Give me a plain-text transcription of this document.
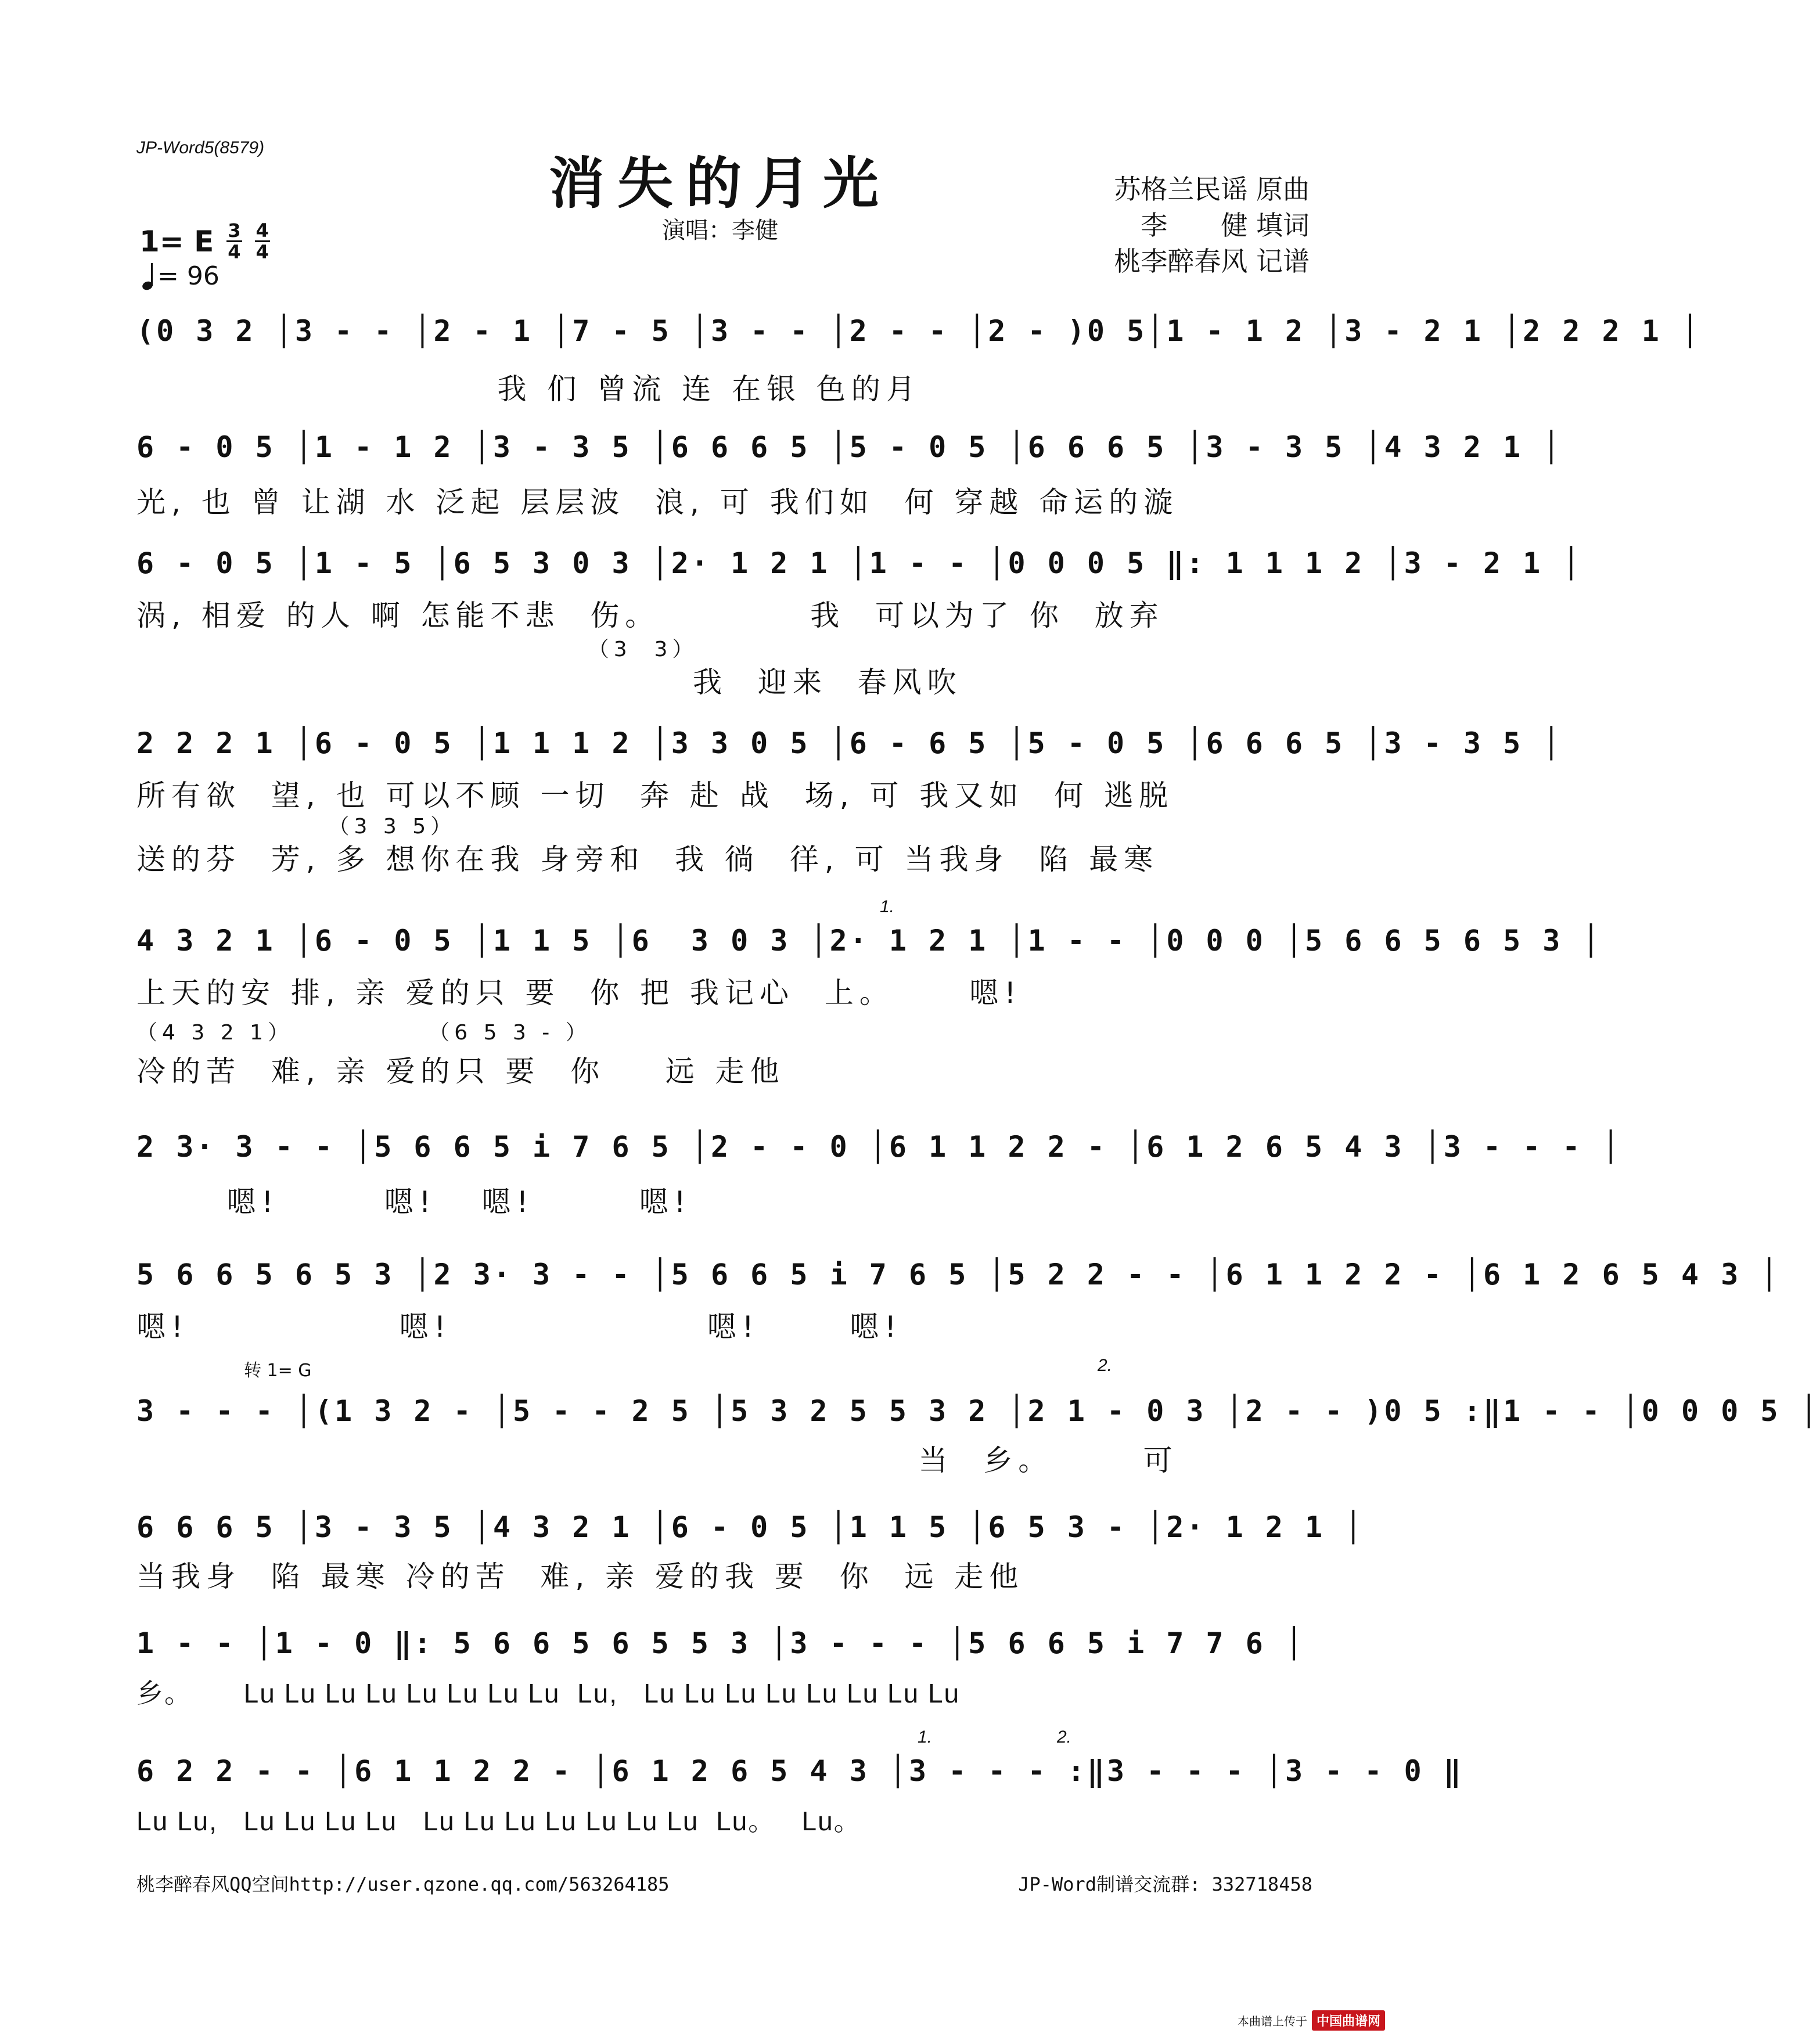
JP-Word5(8579)
消失的月光
演唱：李健
苏格兰民谣 原曲
李　　健 填词
桃李醉春风 记谱
1= E $\frac{3}{4} \frac{4}{4}$
= 96
(0 3 2 │3 - - │2 - 1 │7 - 5 │3 - - │2 - - │2 - )0 5│1 - 1 2 │3 - 2 1 │2 2 2 1 │
我 们 曾流 连 在银 色的月
6 - 0 5 │1 - 1 2 │3 - 3 5 │6 6 6 5 │5 - 0 5 │6 6 6 5 │3 - 3 5 │4 3 2 1 │
光, 也 曾 让湖 水 泛起 层层波  浪, 可 我们如  何 穿越 命运的漩
6 - 0 5 │1 - 5 │6 5 3 0 3 │2· 1 2 1 │1 - - │0 0 0 5 ‖: 1 1 1 2 │3 - 2 1 │
涡, 相爱 的人 啊 怎能不悲  伤。          我  可以为了 你  放弃
（3  3）
我  迎来  春风吹
2 2 2 1 │6 - 0 5 │1 1 1 2 │3 3 0 5 │6 - 6 5 │5 - 0 5 │6 6 6 5 │3 - 3 5 │
所有欲  望, 也 可以不顾 一切  奔 赴 战  场, 可 我又如  何 逃脱
（3 3 5）
送的芬  芳, 多 想你在我 身旁和  我 徜  徉, 可 当我身  陷 最寒
1.
4 3 2 1 │6 - 0 5 │1 1 5 │6  3 0 3 │2· 1 2 1 │1 - - │0 0 0 │5 6 6 5 6 5 3 │
上天的安 排, 亲 爱的只 要  你 把 我记心  上。     嗯!
（4 3 2 1）            （6 5 3 - ）
冷的苦  难, 亲 爱的只 要  你    远 走他
2 3· 3 - - │5 6 6 5 i 7 6 5 │2 - - 0 │6 1 1 2 2 - │6 1 2 6 5 4 3 │3 - - - │
嗯!       嗯!   嗯!       嗯!
5 6 6 5 6 5 3 │2 3· 3 - - │5 6 6 5 i 7 6 5 │5 2 2 - - │6 1 1 2 2 - │6 1 2 6 5 4 3 │
嗯!              嗯!                 嗯!      嗯!
转 1= G	2.
3 - - - │(1 3 2 - │5 - - 2 5 │5 3 2 5 5 3 2 │2 1 - 0 3 │2 - - )0 5 :‖1 - - │0 0 0 5 │
当  乡。      可
6 6 6 5 │3 - 3 5 │4 3 2 1 │6 - 0 5 │1 1 5 │6 5 3 - │2· 1 2 1 │
当我身  陷 最寒 冷的苦  难, 亲 爱的我 要  你  远 走他
1 - - │1 - 0 ‖: 5 6 6 5 6 5 5 3 │3 - - - │5 6 6 5 i 7 7 6 │
乡。      Lu Lu Lu Lu Lu Lu Lu Lu  Lu,   Lu Lu Lu Lu Lu Lu Lu Lu
1.	2.
6 2 2 - - │6 1 1 2 2 - │6 1 2 6 5 4 3 │3 - - - :‖3 - - - │3 - - 0 ‖
Lu Lu,   Lu Lu Lu Lu   Lu Lu Lu Lu Lu Lu Lu  Lu。   Lu。
桃李醉春风QQ空间http://user.qzone.qq.com/563264185	JP-Word制谱交流群: 332718458
本曲谱上传于 中国曲谱网
